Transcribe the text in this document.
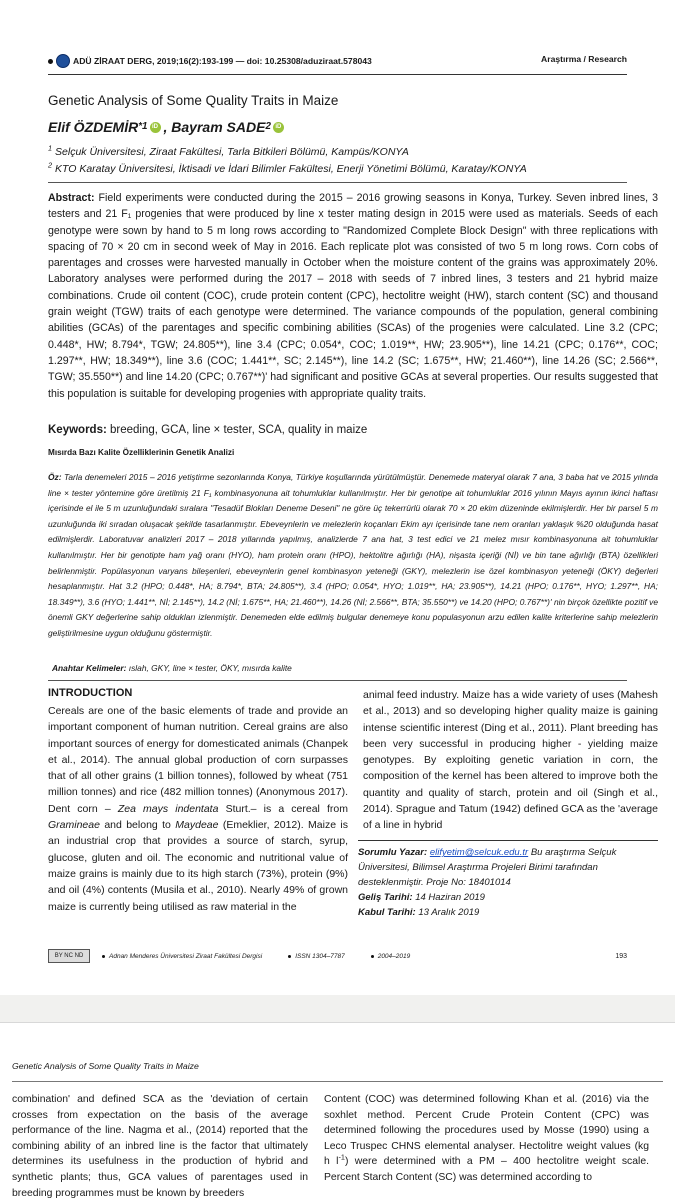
ADÜ ZİRAAT DERG, 2019;16(2):193-199 — doi: 10.25308/aduziraat.578043	Araştırma / Research
Genetic Analysis of Some Quality Traits in Maize
Elif ÖZDEMİR *1 iD , Bayram SADE 2 iD
$^1$ Selçuk Üniversitesi, Ziraat Fakültesi, Tarla Bitkileri Bölümü, Kampüs/KONYA
$^2$ KTO Karatay Üniversitesi, İktisadi ve İdari Bilimler Fakültesi, Enerji Yönetimi Bölümü, Karatay/KONYA

Abstract: Field experiments were conducted during the 2015 – 2016 growing seasons in Konya, Turkey. Seven inbred lines, 3 testers and 21 F₁ progenies that were produced by line x tester mating design in 2015 were used as materials. Seeds of each genotype were sown by hand to 5 m long rows according to "Randomized Complete Block Design" with three replications with spacing of 70 × 20 cm in second week of May in 2016. Each replicate plot was consisted of two 5 m long rows. Corn cobs of parentages and crosses were harvested manually in October when the moisture content of the grains was approximately 20%. Laboratory analyses were performed during the 2017 – 2018 with seeds of 7 inbred lines, 3 testers and 21 hybrid maize combinations. Crude oil content (COC), crude protein content (CPC), hectolitre weight (HW), starch content (SC) and thousand grain weight (TGW) traits of each genotype were determined. The variance compounds of the population, general combining abilities (GCAs) of the parentages and specific combining abilities (SCAs) of the progenies were calculated. Line 3.2 (CPC; 0.448*, HW; 8.794*, TGW; 24.805**), line 3.4 (CPC; 0.054*, COC; 1.019**, HW; 23.905**), line 14.21 (CPC; 0.176**, COC; 1.297**, HW; 18.349**), line 3.6 (COC; 1.441**, SC; 2.145**), line 14.2 (SC; 1.675**, HW; 21.460**), line 14.26 (SC; 2.566**, TGW; 35.550**) and line 14.20 (CPC; 0.767**)' had significant and positive GCAs at several properties. Our results suggested that this population is suitable for developing progenies with appropriate quality traits.

Keywords: breeding, GCA, line × tester, SCA, quality in maize
Mısırda Bazı Kalite Özelliklerinin Genetik Analizi

Öz: Tarla denemeleri 2015 – 2016 yetiştirme sezonlarında Konya, Türkiye koşullarında yürütülmüştür. Denemede materyal olarak 7 ana, 3 baba hat ve 2015 yılında line × tester yöntemine göre üretilmiş 21 F₁ kombinasyonuna ait tohumluklar kullanılmıştır. Her bir genotipe ait tohumluklar 2016 yılının Mayıs ayının ikinci haftası içerisinde el ile 5 m uzunluğundaki sıralara "Tesadüf Blokları Deneme Deseni" ne göre üç tekerrürlü olarak 70 × 20 ekim düzeninde ekilmişlerdir. Her bir parsel 5 m uzunluğunda iki sıradan oluşacak şekilde tasarlanmıştır. Ebeveynlerin ve melezlerin koçanları Ekim ayı içerisinde tane nem oranları yaklaşık %20 olduğunda hasat edilmişlerdir. Laboratuvar analizleri 2017 – 2018 yıllarında yapılmış, analizlerde 7 ana hat, 3 test edici ve 21 melez mısır kombinasyonuna ait tohumluklar kullanılmıştır. Her bir genotipte ham yağ oranı (HYO), ham protein oranı (HPO), hektolitre ağırlığı (HA), nişasta içeriği (Nİ) ve bin tane ağırlığı (BTA) özellikleri belirlenmiştir. Popülasyonun varyans bileşenleri, ebeveynlerin genel kombinasyon yeteneği (GKY), melezlerin ise özel kombinasyon yeteneği (ÖKY) değerleri hesaplanmıştır. Hat 3.2 (HPO; 0.448*, HA; 8.794*, BTA; 24.805**), 3.4 (HPO; 0.054*, HYO; 1.019**, HA; 23.905**), 14.21 (HPO; 0.176**, HYO; 1.297**, HA; 18.349**), 3.6 (HYO; 1.441**, Nİ; 2.145**), 14.2 (Nİ; 1.675**, HA; 21.460**), 14.26 (Nİ; 2.566**, BTA; 35.550**) ve 14.20 (HPO; 0.767**)' nin birçok özellikte pozitif ve önemli GKY değerlerine sahip oldukları izlenmiştir. Denemeden elde edilmiş bulgular denemeye konu populasyonun arzu edilen kalite kriterlerine sahip melezlerin geliştirilmesine uygun olduğunu göstermiştir.

Anahtar Kelimeler: ıslah, GKY, line × tester, ÖKY, mısırda kalite
INTRODUCTION

Cereals are one of the basic elements of trade and provide an important component of human nutrition. Cereal grains are also important sources of energy for domesticated animals (Chanpek et al., 2014). The annual global production of corn surpasses that of all other grains (1 billion tonnes), followed by wheat (751 million tonnes) and rice (482 million tonnes) (Anonymous 2017). Dent corn – Zea mays indentata Sturt.– is a cereal from Gramineae and belong to Maydeae (Emeklier, 2012). Maize is an industrial crop that provides a source of starch, syrup, glucose, gluten and oil. The economic and nutritional value of maize grains is mainly due to its high starch (73%), protein (9%) and oil (4%) contents (Musila et al., 2010). Nearly 49% of grown maize is currently being utilised as raw material in the

animal feed industry. Maize has a wide variety of uses (Mahesh et al., 2013) and so developing higher quality maize is gaining intense scientific interest (Ding et al., 2011). Plant breeding has been very successful in producing higher - yielding maize genotypes. By exploiting genetic variation in corn, the composition of the kernel has been altered to improve both the quantity and quality of starch, protein and oil (Singh et al., 2014). Sprague and Tatum (1942) defined GCA as the 'average of a line in hybrid

Sorumlu Yazar: elifyetim@selcuk.edu.tr Bu araştırma Selçuk Üniversitesi, Bilimsel Araştırma Projeleri Birimi tarafından desteklenmiştir. Proje No: 18401014
Geliş Tarihi: 14 Haziran 2019
Kabul Tarihi: 13 Aralık 2019
BY NC ND	Adnan Menderes Üniversitesi Ziraat Fakültesi Dergisi	ISSN 1304–7787	2004–2019	193
Genetic Analysis of Some Quality Traits in Maize

combination' and defined SCA as the 'deviation of certain crosses from expectation on the basis of the average performance of the line. Nagma et al., (2014) reported that the combining ability of an inbred line is the factor that ultimately determines its usefulness in the production of hybrid and synthetic plants; thus, GCA values of parentages used in breeding programmes must be known by breeders

Content (COC) was determined following Khan et al. (2016) via the soxhlet method. Percent Crude Protein Content (CPC) was determined following the procedures used by Mosse (1990) using a Leco Truspec CHNS elemental analyser. Hectolitre weight values (kg h $l^{-1}$) were determined with a PM – 400 hectolitre weight scale. Percent Starch Content (SC) was determined according to
